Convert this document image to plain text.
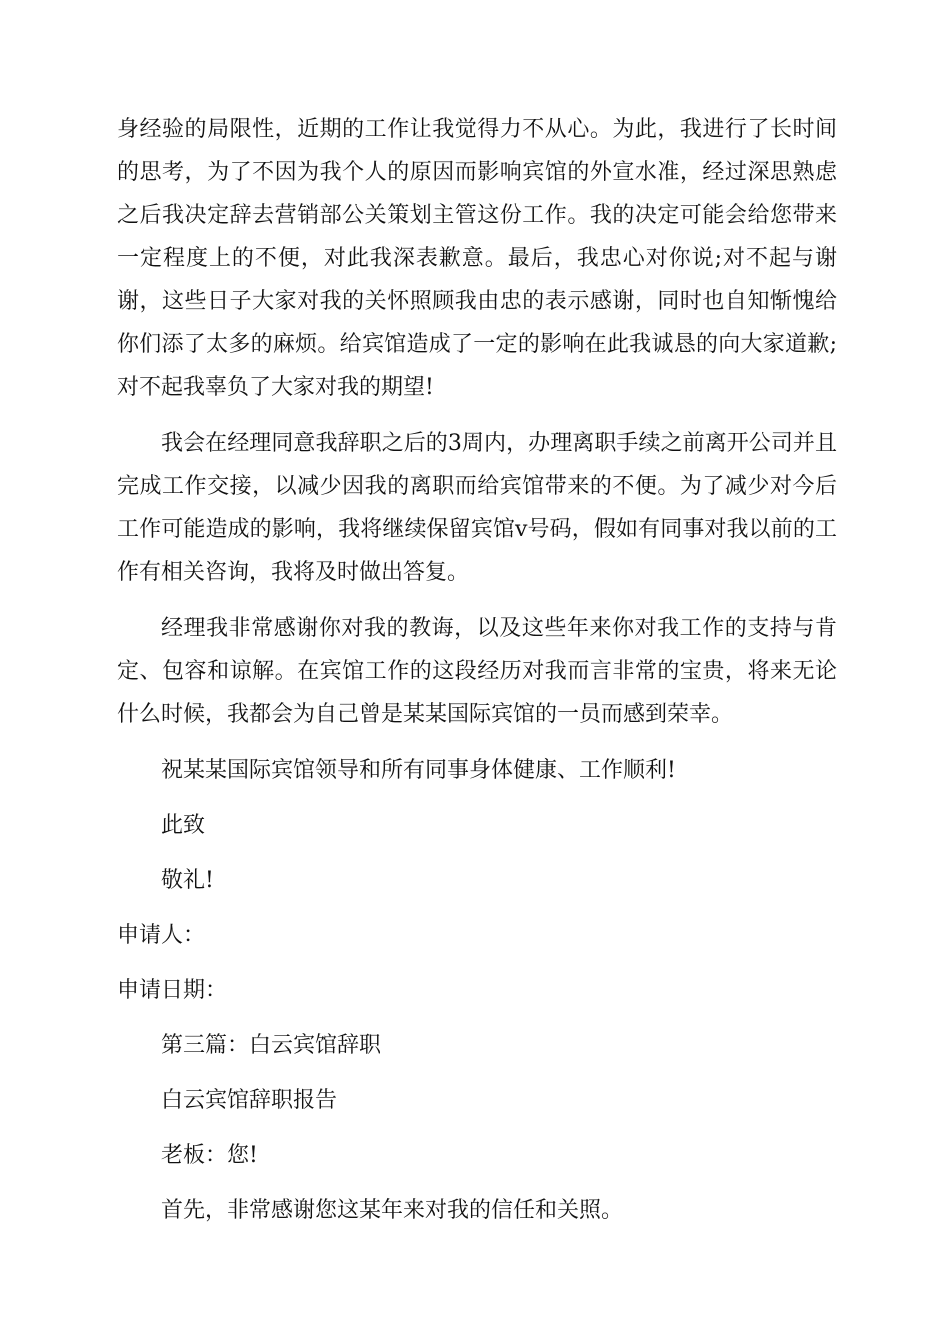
身经验的局限性，近期的工作让我觉得力不从心。为此，我进行了长时间的思考，为了不因为我个人的原因而影响宾馆的外宣水准，经过深思熟虑之后我决定辞去营销部公关策划主管这份工作。我的决定可能会给您带来一定程度上的不便，对此我深表歉意。最后，我忠心对你说;对不起与谢谢，这些日子大家对我的关怀照顾我由忠的表示感谢，同时也自知惭愧给你们添了太多的麻烦。给宾馆造成了一定的影响在此我诚恳的向大家道歉;对不起我辜负了大家对我的期望!

我会在经理同意我辞职之后的3周内，办理离职手续之前离开公司并且完成工作交接，以减少因我的离职而给宾馆带来的不便。为了减少对今后工作可能造成的影响，我将继续保留宾馆v号码，假如有同事对我以前的工作有相关咨询，我将及时做出答复。

经理我非常感谢你对我的教诲，以及这些年来你对我工作的支持与肯定、包容和谅解。在宾馆工作的这段经历对我而言非常的宝贵，将来无论什么时候，我都会为自己曾是某某国际宾馆的一员而感到荣幸。

祝某某国际宾馆领导和所有同事身体健康、工作顺利!
此致
敬礼!
申请人：
申请日期：
第三篇：白云宾馆辞职
白云宾馆辞职报告
老板：您!
首先，非常感谢您这某年来对我的信任和关照。
